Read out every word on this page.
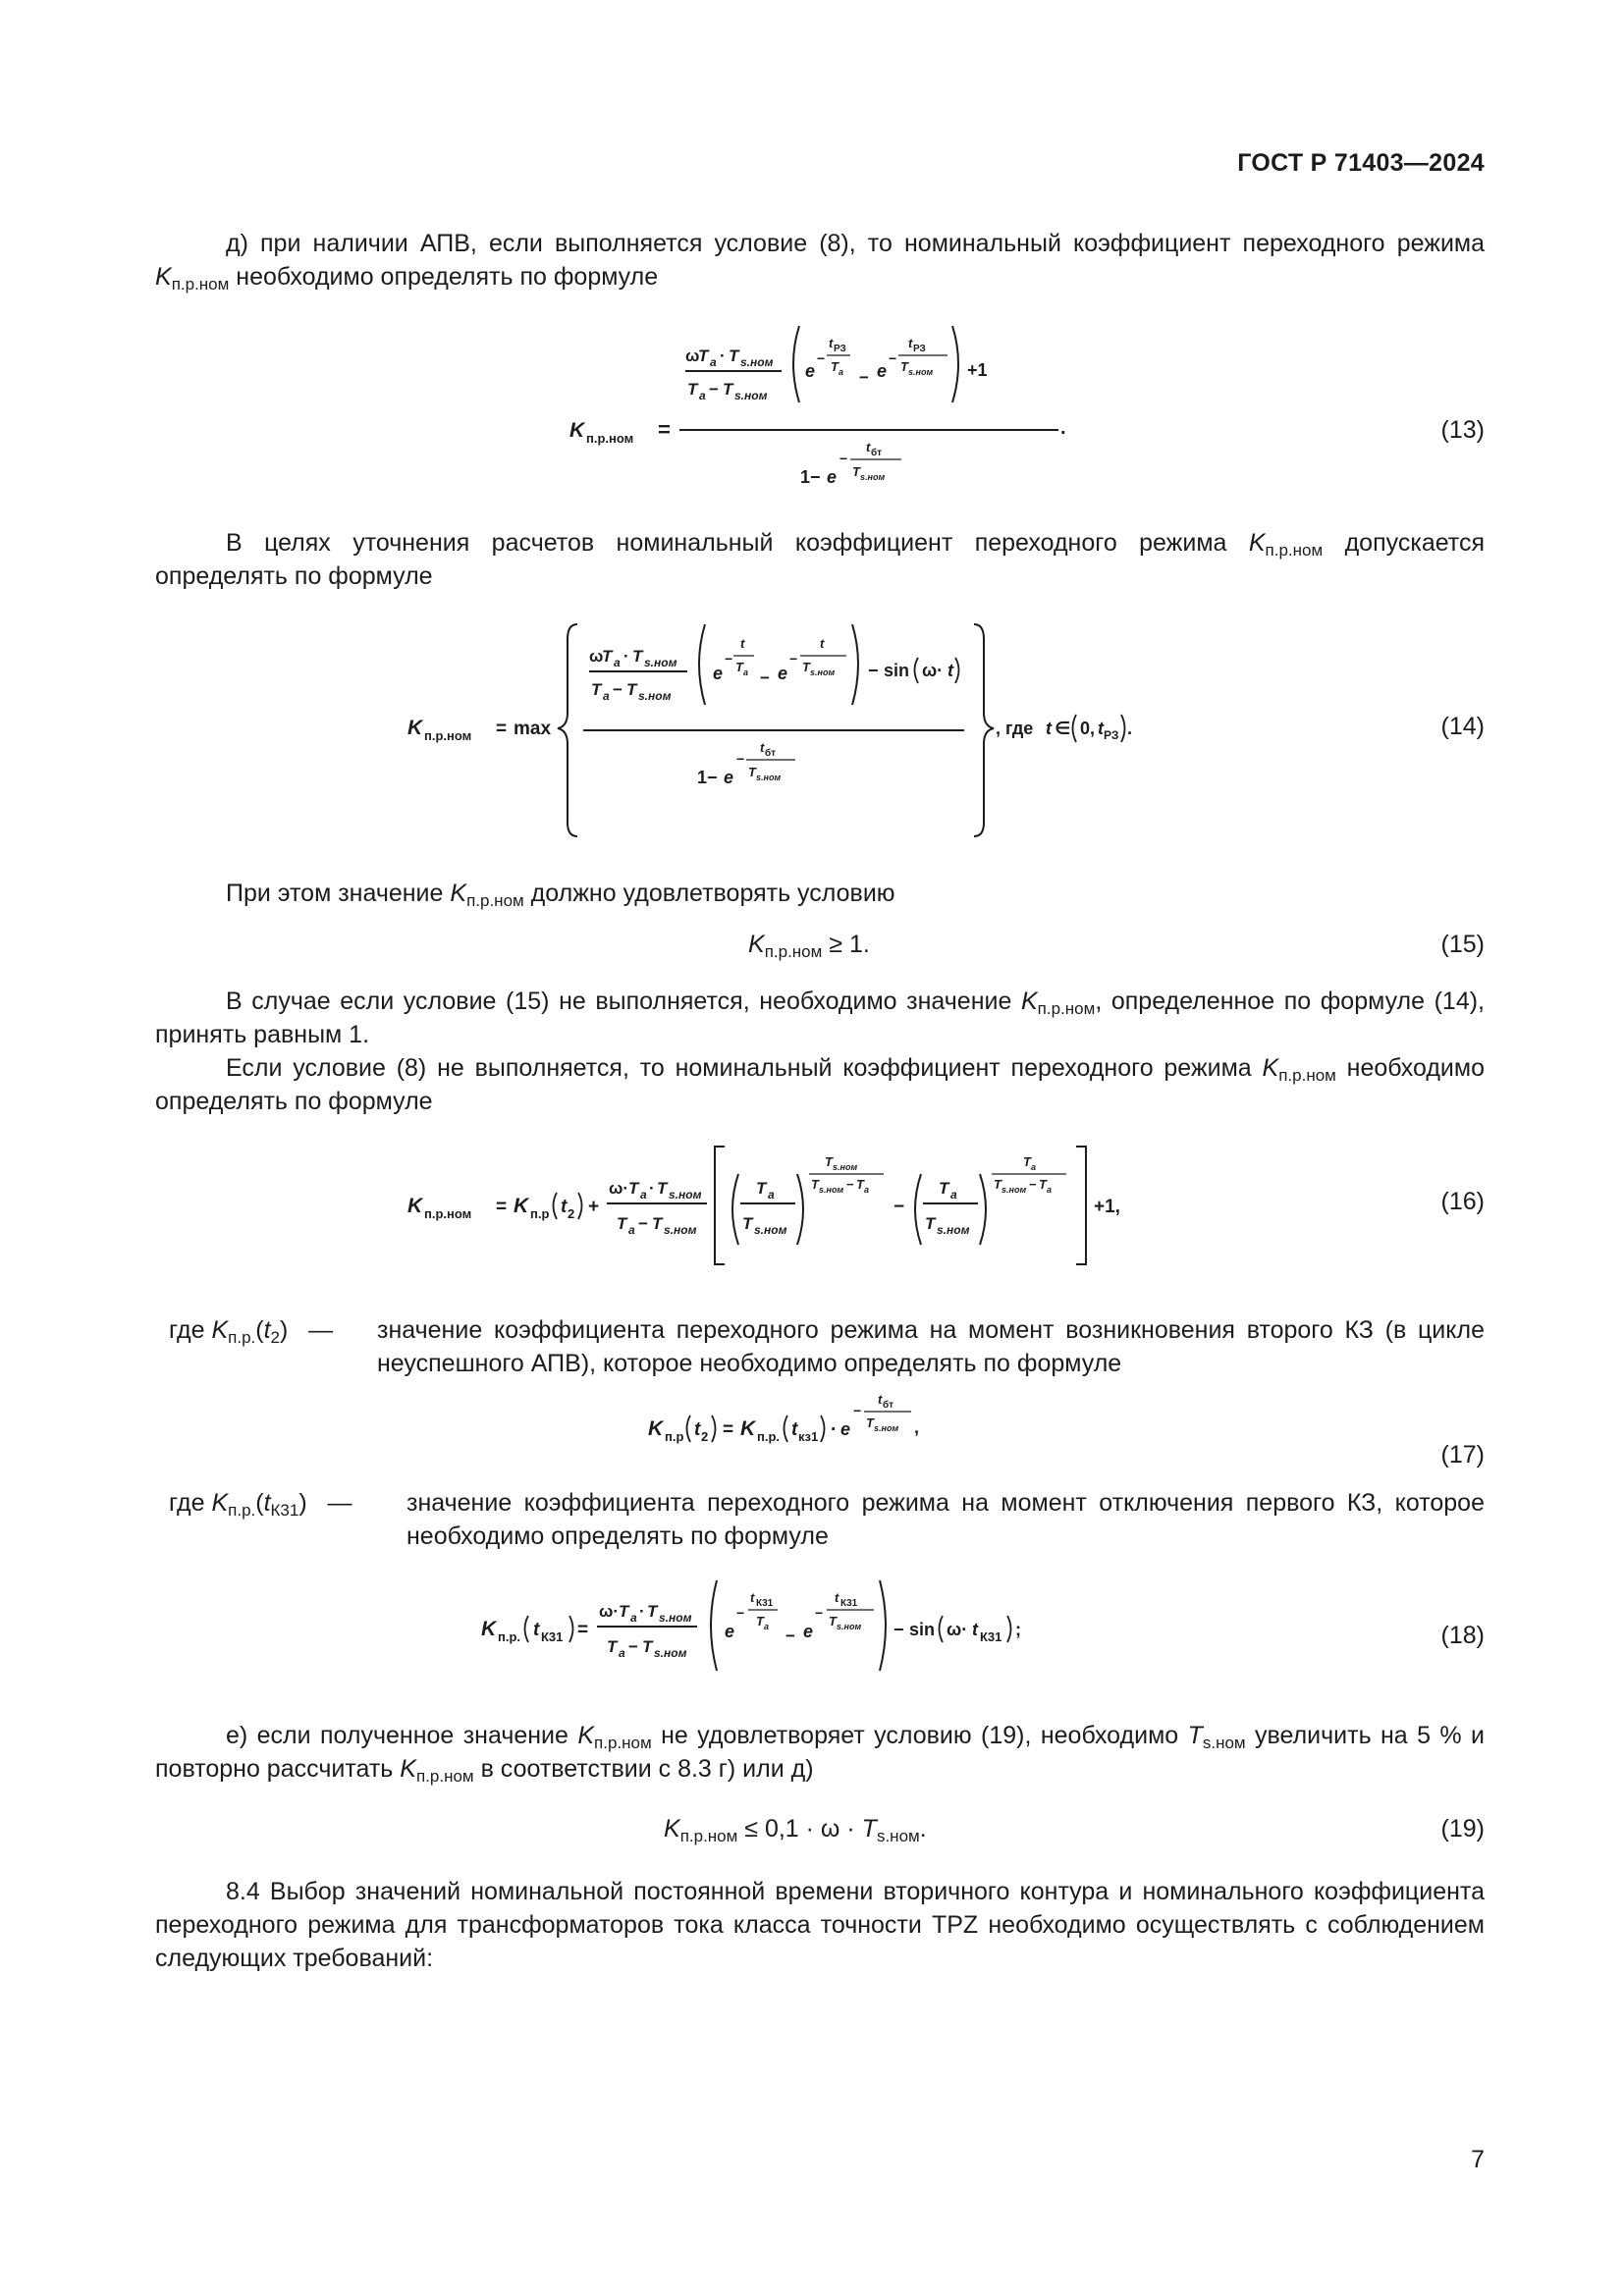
ГОСТ Р 71403—2024
д) при наличии АПВ, если выполняется условие (8), то номинальный коэффициент переходного режима $K_{п.р.ном}$ необходимо определять по формуле
K п.р.ном =
ω
T a · T s.ном
T a − T s.ном
e
−
t РЗ
T a − e
−
t РЗ
T s.ном +1
.
1− e
−
t бт
T s.ном
(13)
В целях уточнения расчетов номинальный коэффициент переходного режима $K_{п.р.ном}$ допускается определять по формуле
K п.р.ном = max
ω
T a · T s.ном
T a − T s.ном
e
−
t
T a − e
−
t
T s.ном − sin ω· t
1− e
−
t бт
T s.ном
, где t ∈ 0, t РЗ .	(14)
При этом значение $K_{п.р.ном}$ должно удовлетворять условию
$K_{п.р.ном} \ge 1$.	(15)
В случае если условие (15) не выполняется, необходимо значение $K_{п.р.ном}$, определенное по формуле (14), принять равным 1.
Если условие (8) не выполняется, то номинальный коэффициент переходного режима $K_{п.р.ном}$ необходимо определять по формуле
K п.р.ном = K п.р t 2 +
ω· T a · T s.ном
T a − T s.ном
T a
T s.ном
T s.ном
T s.ном − T a
−
T a
T s.ном
T a
T s.ном − T a
+1,	(16)
где $K_{п.р.}(t_2)$   — значение коэффициента переходного режима на момент возникновения второго КЗ (в цикле неуспешного АПВ), которое необходимо определять по формуле
K п.р t 2 = K п.р. t кз1 · e
−
t бт
T s.ном ,
(17)
где $K_{п.р.}(t_{К31})$   — значение коэффициента переходного режима на момент отключения первого КЗ, которое необходимо определять по формуле
K п.р. t К31 =
ω· T a · T s.ном
T a − T s.ном
e
−
t К31
T a − e
−
t К31
T s.ном − sin ω· t К31 ;	(18)
е) если полученное значение $K_{п.р.ном}$ не удовлетворяет условию (19), необходимо $T_{s.ном}$ увеличить на 5 % и повторно рассчитать $K_{п.р.ном}$ в соответствии с 8.3 г) или д)
$K_{п.р.ном} \le 0,1 \cdot \omega \cdot T_{s.ном}$.	(19)
8.4 Выбор значений номинальной постоянной времени вторичного контура и номинального коэффициента переходного режима для трансформаторов тока класса точности TPZ необходимо осуществлять с соблюдением следующих требований:
7
